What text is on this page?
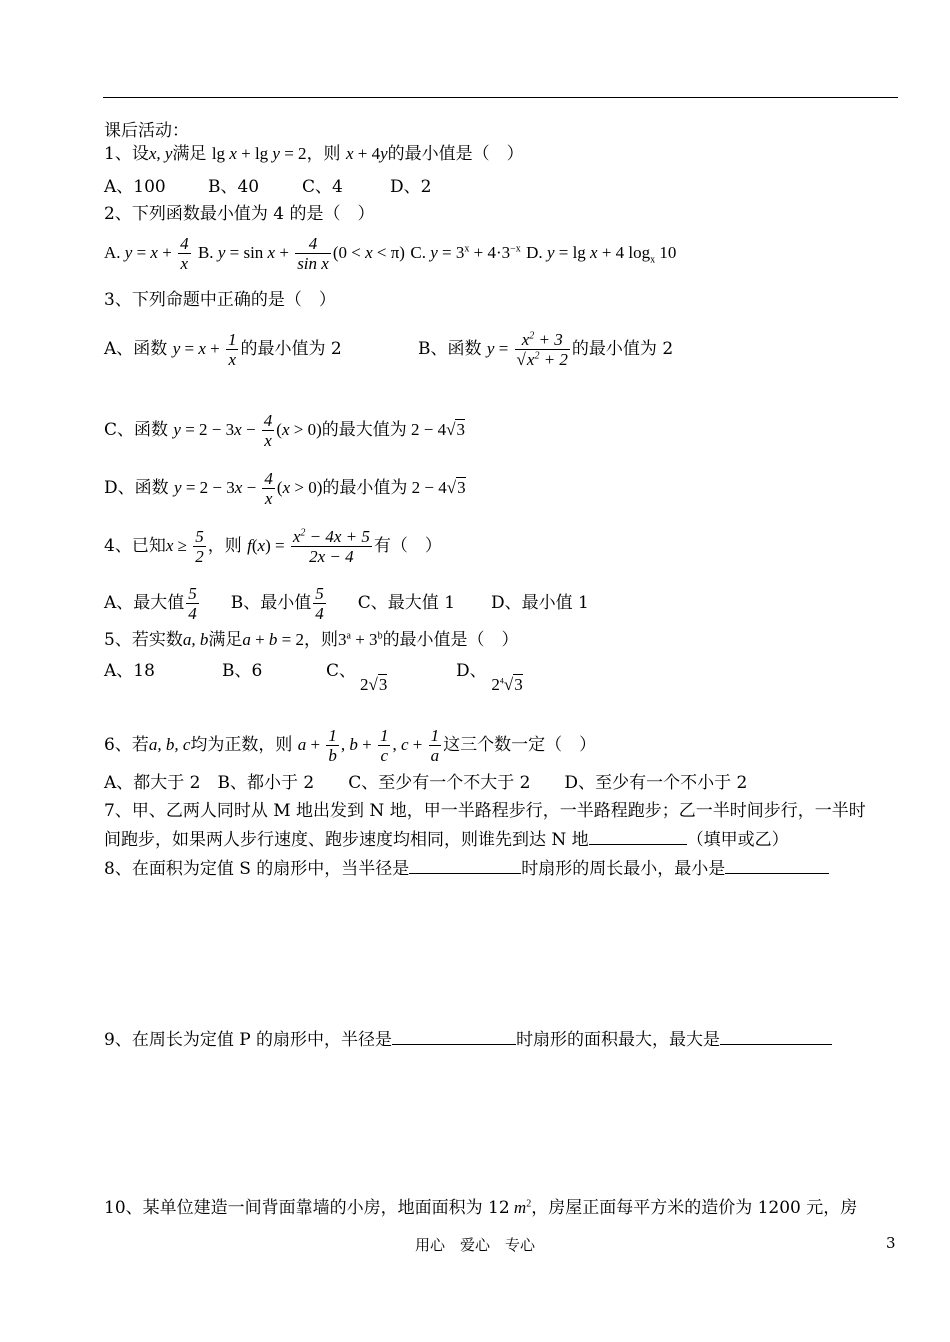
课后活动：
1、设x, y满足 lg x + lg y = 2，则 x + 4y的最小值是（　）
A、100 B、40	C、4	D、2
2、下列函数最小值为 4 的是（　）
A. $y = x + \frac{4}{x} B$. $y = \sin x + \frac{4}{\text{sin x}} (0 < x < \pi)$ C. $y = 3^x + 4\cdot 3^{-x}$ D. y = lg x + 4 $\log_x 10$
3、下列命题中正确的是（　）
A、函数 $y = x + \frac{1}{x}$ 的最小值为 2	B、函数 $y = \frac{x^2 + 3}{√x^2 + 2}$ 的最小值为 2
C、函数 $y = 2 - 3x - \frac{4}{x} (x > 0)$的最大值为 2 − 4√3
D、函数 $y = 2 - 3x - \frac{4}{x} (x > 0)$的最小值为 2 − 4√3
4、已知$x \ge \frac{5}{2}$ ，则 $f(x) = \frac{x^2 - 4x + 5}{2x - 4}$ 有（　）
A、最大值 $\frac{5}{4}$ B、最小值 $\frac{5}{4}$ C、最大值 1 D、最小值 1
5、若实数a, b满足a + b = 2，则$3^a + 3^b$的最小值是（　）
A、18	B、6	C、	D、
2√3	$2^4√3$
6、若a, b, c均为正数，则 $a + \frac{1}{b}$ , $b + \frac{1}{c}$ , $c + \frac{1}{a}$ 这三个数一定（　）
A、都大于 2　B、都小于 2　　C、至少有一个不大于 2　　D、至少有一个不小于 2
7、甲、乙两人同时从 M 地出发到 N 地，甲一半路程步行，一半路程跑步；乙一半时间步行，一半时
间跑步，如果两人步行速度、跑步速度均相同，则谁先到达 N 地	（填甲或乙）
8、在面积为定值 S 的扇形中，当半径是	时扇形的周长最小，最小是
9、在周长为定值 P 的扇形中，半径是	时扇形的面积最大，最大是
10、某单位建造一间背面靠墙的小房，地面面积为 12 $m^2$，房屋正面每平方米的造价为 1200 元，房
用心　爱心　专心	3
